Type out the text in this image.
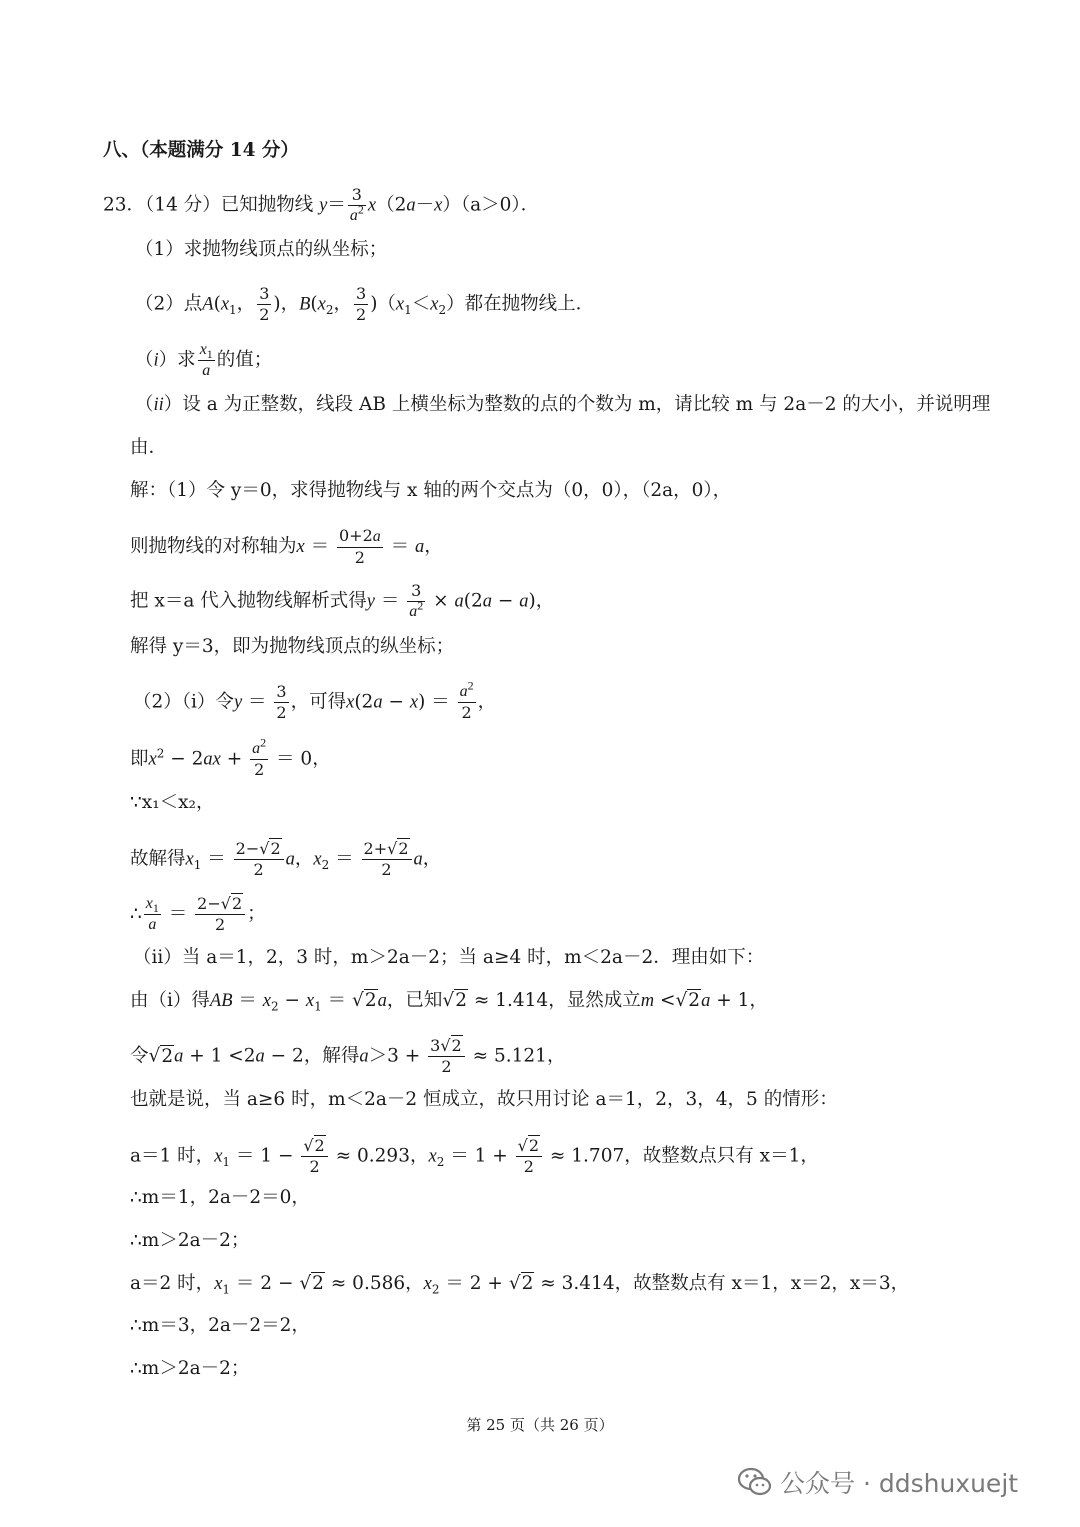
八、（本题满分 14 分）
23．（14 分）已知抛物线 $y= \frac{3}{a^2} x(2a-x)(a>0)$．
（1）求抛物线顶点的纵坐标；
（2）点$A(x_1$， $\frac{3}{2}$ )，$B(x_2$， $\frac{3}{2} )(x_1<x_2)$都在抛物线上．
（i）求 $\frac{x_1}{a}$ 的值；
（ii）设 a 为正整数，线段 AB 上横坐标为整数的点的个数为 m，请比较 m 与 2a－2 的大小，并说明理
由．
解：（1）令 y＝0，求得抛物线与 x 轴的两个交点为（0，0），（2a，0），
则抛物线的对称轴为$x = \frac{0+2a}{2} = a$，
把 x＝a 代入抛物线解析式得$y = \frac{3}{a^2} \times a(2a - a)$，
解得 y＝3，即为抛物线顶点的纵坐标；
（2）（i）令$y = \frac{3}{2}$ ，可得$x(2a - x) = \frac{a^2}{2}$ ，
即$x^2 - 2ax + \frac{a^2}{2} = 0$，
∵x₁＜x₂，
故解得$x_1 = \frac{2-√2}{2}$ a，$x_2 = \frac{2+√2}{2}$ a，
∴ $\frac{x_1}{a} = \frac{2-√2}{2}$ ；
（ii）当 a＝1，2，3 时，m＞2a－2；当 a≥4 时，m＜2a－2．理由如下：
由（i）得AB ＝ $x_2 - x_1 = √2a$，已知√2 ≈ 1.414，显然成立m <√2a + 1，
令√2a + 1 <2a − 2，解得$a>3 + \frac{3√2}{2} \approx 5.121$，
也就是说，当 a≥6 时，m＜2a－2 恒成立，故只用讨论 a＝1，2，3，4，5 的情形：
a＝1 时，$x_1 = 1 - \frac{√2}{2} \approx 0.293$，$x_2 = 1 + \frac{√2}{2} \approx 1.707$，故整数点只有 x＝1，
∴m＝1，2a－2＝0，
∴m＞2a－2；
a＝2 时，$x_1 = 2 - √2 \approx 0.586$，$x_2 = 2 + √2 \approx 3.414$，故整数点有 x＝1，x＝2，x＝3，
∴m＝3，2a－2＝2，
∴m＞2a－2；
第 25 页（共 26 页）
公众号 · ddshuxuejt
